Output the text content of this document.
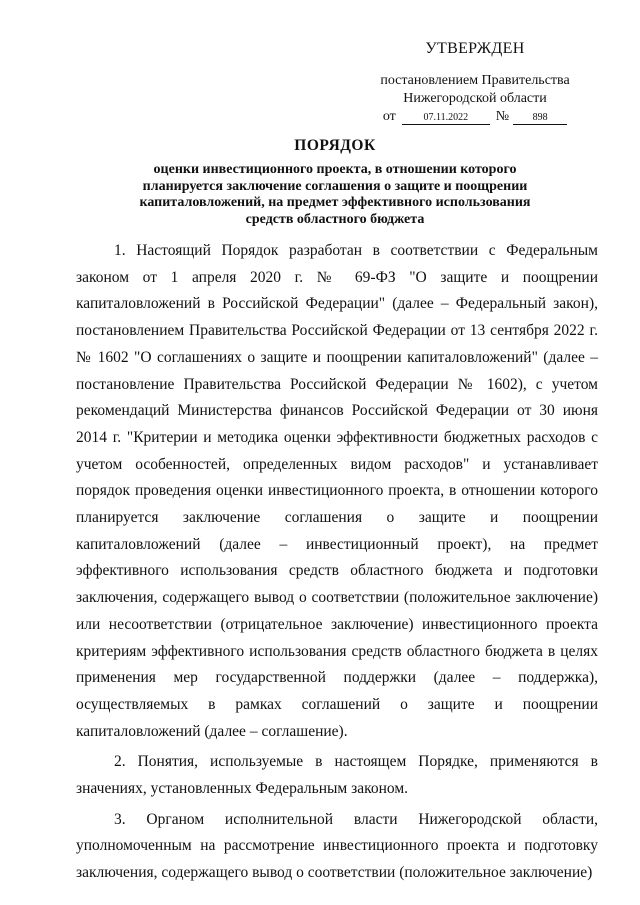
УТВЕРЖДЕН
постановлением Правительства
Нижегородской области
от	07.11.2022	№	898
ПОРЯДОК
оценки инвестиционного проекта, в отношении которого
планируется заключение соглашения о защите и поощрении
капиталовложений, на предмет эффективного использования
средств областного бюджета

1. Настоящий Порядок разработан в соответствии с Федеральным законом от 1 апреля 2020 г. № 69-ФЗ "О защите и поощрении капиталовложений в Российской Федерации" (далее – Федеральный закон), постановлением Правительства Российской Федерации от 13 сентября 2022 г. № 1602 "О соглашениях о защите и поощрении капиталовложений" (далее – постановление Правительства Российской Федерации № 1602), с учетом рекомендаций Министерства финансов Российской Федерации от 30 июня 2014 г. "Критерии и методика оценки эффективности бюджетных расходов с учетом особенностей, определенных видом расходов" и устанавливает порядок проведения оценки инвестиционного проекта, в отношении которого планируется заключение соглашения о защите и поощрении капиталовложений (далее – инвестиционный проект), на предмет эффективного использования средств областного бюджета и подготовки заключения, содержащего вывод о соответствии (положительное заключение) или несоответствии (отрицательное заключение) инвестиционного проекта критериям эффективного использования средств областного бюджета в целях применения мер государственной поддержки (далее – поддержка), осуществляемых в рамках соглашений о защите и поощрении капиталовложений (далее – соглашение).

2. Понятия, используемые в настоящем Порядке, применяются в значениях, установленных Федеральным законом.

3. Органом исполнительной власти Нижегородской области, уполномоченным на рассмотрение инвестиционного проекта и подготовку заключения, содержащего вывод о соответствии (положительное заключение)
